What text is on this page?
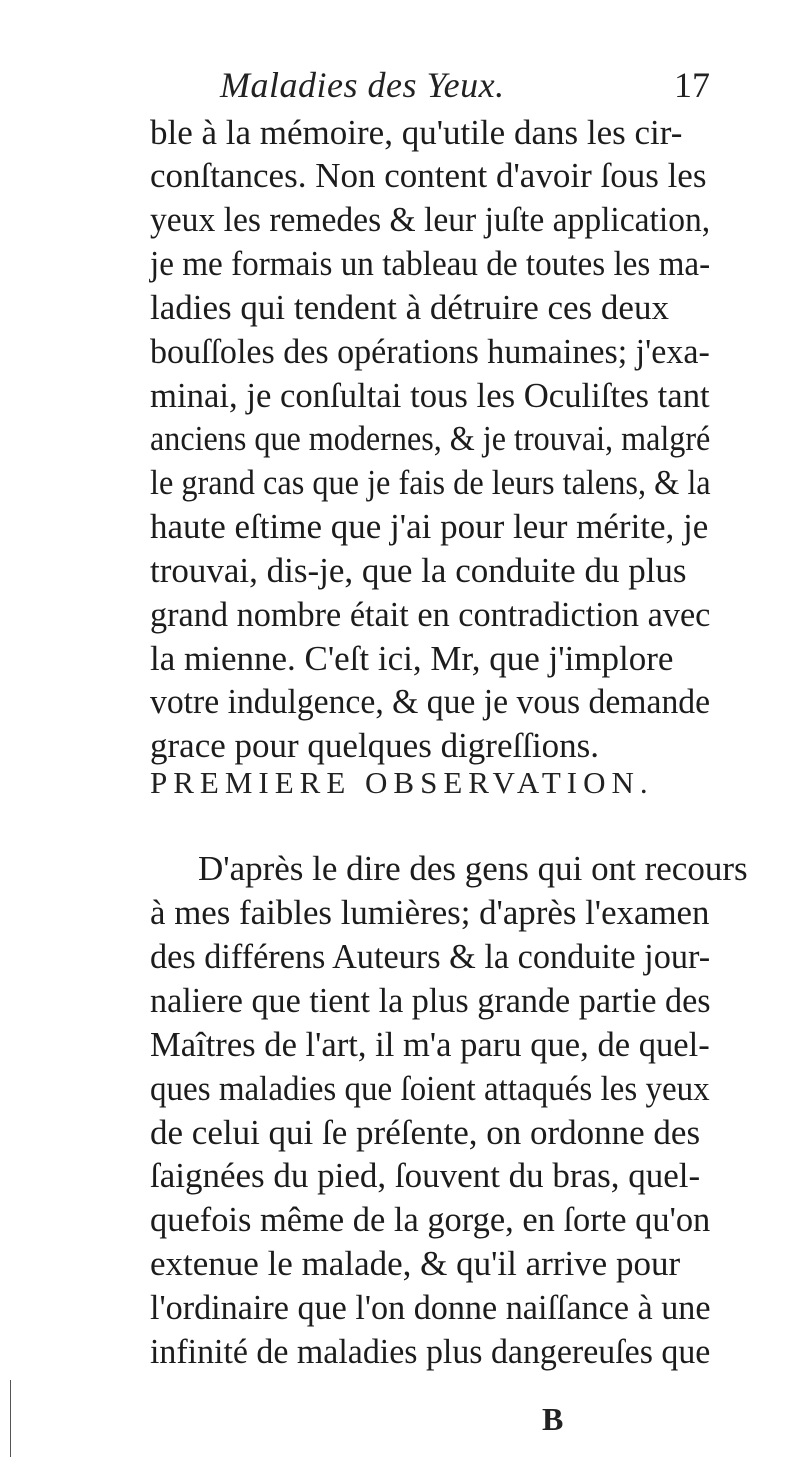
Maladies des Yeux.	17
ble à la mémoire, qu'utile dans les cir-
conſtances. Non content d'avoir ſous les
yeux les remedes & leur juſte application,
je me formais un tableau de toutes les ma-
ladies qui tendent à détruire ces deux
bouſſoles des opérations humaines; j'exa-
minai, je conſultai tous les Oculiſtes tant
anciens que modernes, & je trouvai, malgré
le grand cas que je fais de leurs talens, & la
haute eſtime que j'ai pour leur mérite, je
trouvai, dis-je, que la conduite du plus
grand nombre était en contradiction avec
la mienne. C'eſt ici, Mr, que j'implore
votre indulgence, & que je vous demande
grace pour quelques digreſſions.
PREMIERE OBSERVATION.
D'après le dire des gens qui ont recours
à mes faibles lumières; d'après l'examen
des différens Auteurs & la conduite jour-
naliere que tient la plus grande partie des
Maîtres de l'art, il m'a paru que, de quel-
ques maladies que ſoient attaqués les yeux
de celui qui ſe préſente, on ordonne des
ſaignées du pied, ſouvent du bras, quel-
quefois même de la gorge, en ſorte qu'on
extenue le malade, & qu'il arrive pour
l'ordinaire que l'on donne naiſſance à une
infinité de maladies plus dangereuſes que
B
